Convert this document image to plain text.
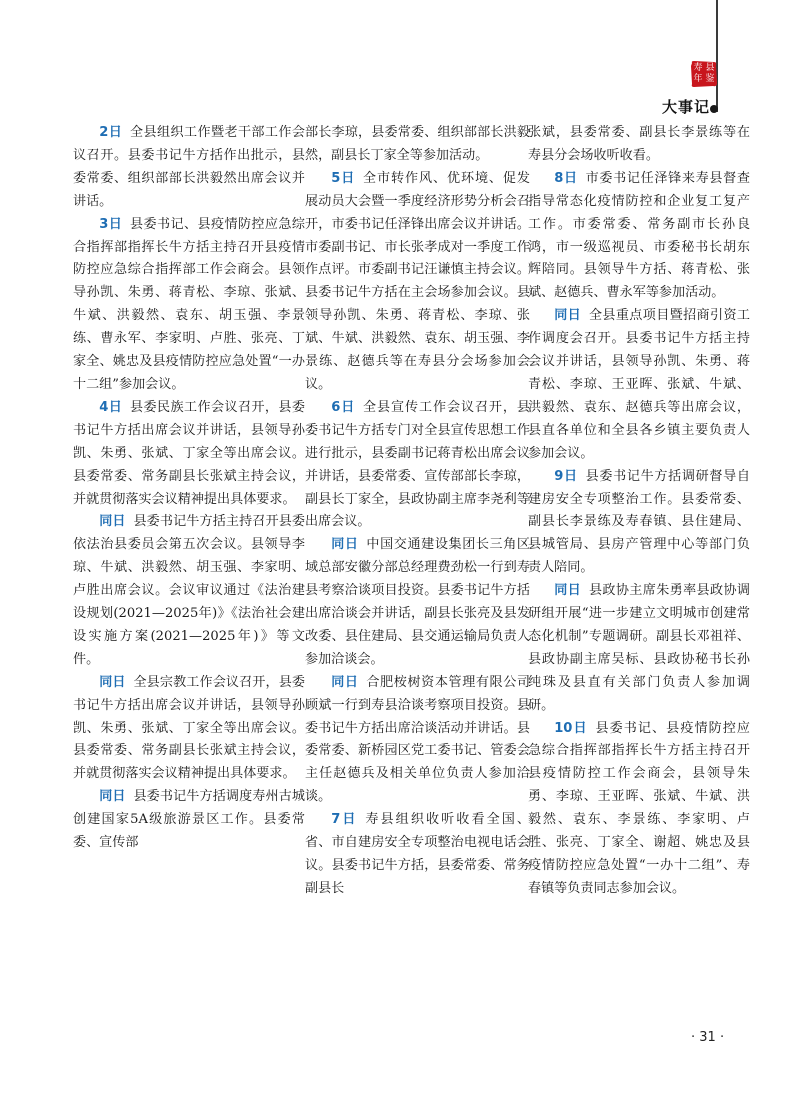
寿 县
年 鉴
大事记

2日 全县组织工作暨老干部工作会议召开。县委书记牛方括作出批示，县委常委、组织部部长洪毅然出席会议并讲话。

3日 县委书记、县疫情防控应急综合指挥部指挥长牛方括主持召开县疫情防控应急综合指挥部工作会商会。县领导孙凯、朱勇、蒋青松、李琼、张斌、牛斌、洪毅然、袁东、胡玉强、李景练、曹永军、李家明、卢胜、张亮、丁家全、姚忠及县疫情防控应急处置“一办十二组”参加会议。

4日 县委民族工作会议召开，县委书记牛方括出席会议并讲话，县领导孙凯、朱勇、张斌、丁家全等出席会议。县委常委、常务副县长张斌主持会议，并就贯彻落实会议精神提出具体要求。

同日 县委书记牛方括主持召开县委依法治县委员会第五次会议。县领导李琼、牛斌、洪毅然、胡玉强、李家明、卢胜出席会议。会议审议通过《法治建设规划(2021—2025年)》《法治社会建设实施方案(2021—2025年)》等文件。

同日 全县宗教工作会议召开，县委书记牛方括出席会议并讲话，县领导孙凯、朱勇、张斌、丁家全等出席会议。县委常委、常务副县长张斌主持会议，并就贯彻落实会议精神提出具体要求。

同日 县委书记牛方括调度寿州古城创建国家5A级旅游景区工作。县委常委、宣传部

部长李琼，县委常委、组织部部长洪毅然，副县长丁家全等参加活动。

5日 全市转作风、优环境、促发展动员大会暨一季度经济形势分析会召开，市委书记任泽锋出席会议并讲话。市委副书记、市长张孝成对一季度工作作点评。市委副书记汪谦慎主持会议。县委书记牛方括在主会场参加会议。县领导孙凯、朱勇、蒋青松、李琼、张斌、牛斌、洪毅然、袁东、胡玉强、李景练、赵德兵等在寿县分会场参加会议。

6日 全县宣传工作会议召开，县委书记牛方括专门对全县宣传思想工作进行批示，县委副书记蒋青松出席会议并讲话，县委常委、宣传部部长李琼，副县长丁家全，县政协副主席李尧利等出席会议。

同日 中国交通建设集团长三角区域总部安徽分部总经理费劲松一行到寿县考察洽谈项目投资。县委书记牛方括出席洽谈会并讲话，副县长张亮及县发改委、县住建局、县交通运输局负责人参加洽谈会。

同日 合肥桉树资本管理有限公司顾斌一行到寿县洽谈考察项目投资。县委书记牛方括出席洽谈活动并讲话。县委常委、新桥园区党工委书记、管委会主任赵德兵及相关单位负责人参加洽谈。

7日 寿县组织收听收看全国、省、市自建房安全专项整治电视电话会议。县委书记牛方括，县委常委、常务副县长

张斌，县委常委、副县长李景练等在寿县分会场收听收看。

8日 市委书记任泽锋来寿县督查指导常态化疫情防控和企业复工复产工作。市委常委、常务副市长孙良鸿，市一级巡视员、市委秘书长胡东辉陪同。县领导牛方括、蒋青松、张斌、赵德兵、曹永军等参加活动。

同日 全县重点项目暨招商引资工作调度会召开。县委书记牛方括主持会议并讲话，县领导孙凯、朱勇、蒋青松、李琼、王亚晖、张斌、牛斌、洪毅然、袁东、赵德兵等出席会议，县直各单位和全县各乡镇主要负责人参加会议。

9日 县委书记牛方括调研督导自建房安全专项整治工作。县委常委、副县长李景练及寿春镇、县住建局、县城管局、县房产管理中心等部门负责人陪同。

同日 县政协主席朱勇率县政协调研组开展“进一步建立文明城市创建常态化机制”专题调研。副县长邓祖祥、县政协副主席吴标、县政协秘书长孙纯珠及县直有关部门负责人参加调研。

10日 县委书记、县疫情防控应急综合指挥部指挥长牛方括主持召开县疫情防控工作会商会，县领导朱勇、李琼、王亚晖、张斌、牛斌、洪毅然、袁东、李景练、李家明、卢胜、张亮、丁家全、谢超、姚忠及县疫情防控应急处置“一办十二组”、寿春镇等负责同志参加会议。

· 31 ·
